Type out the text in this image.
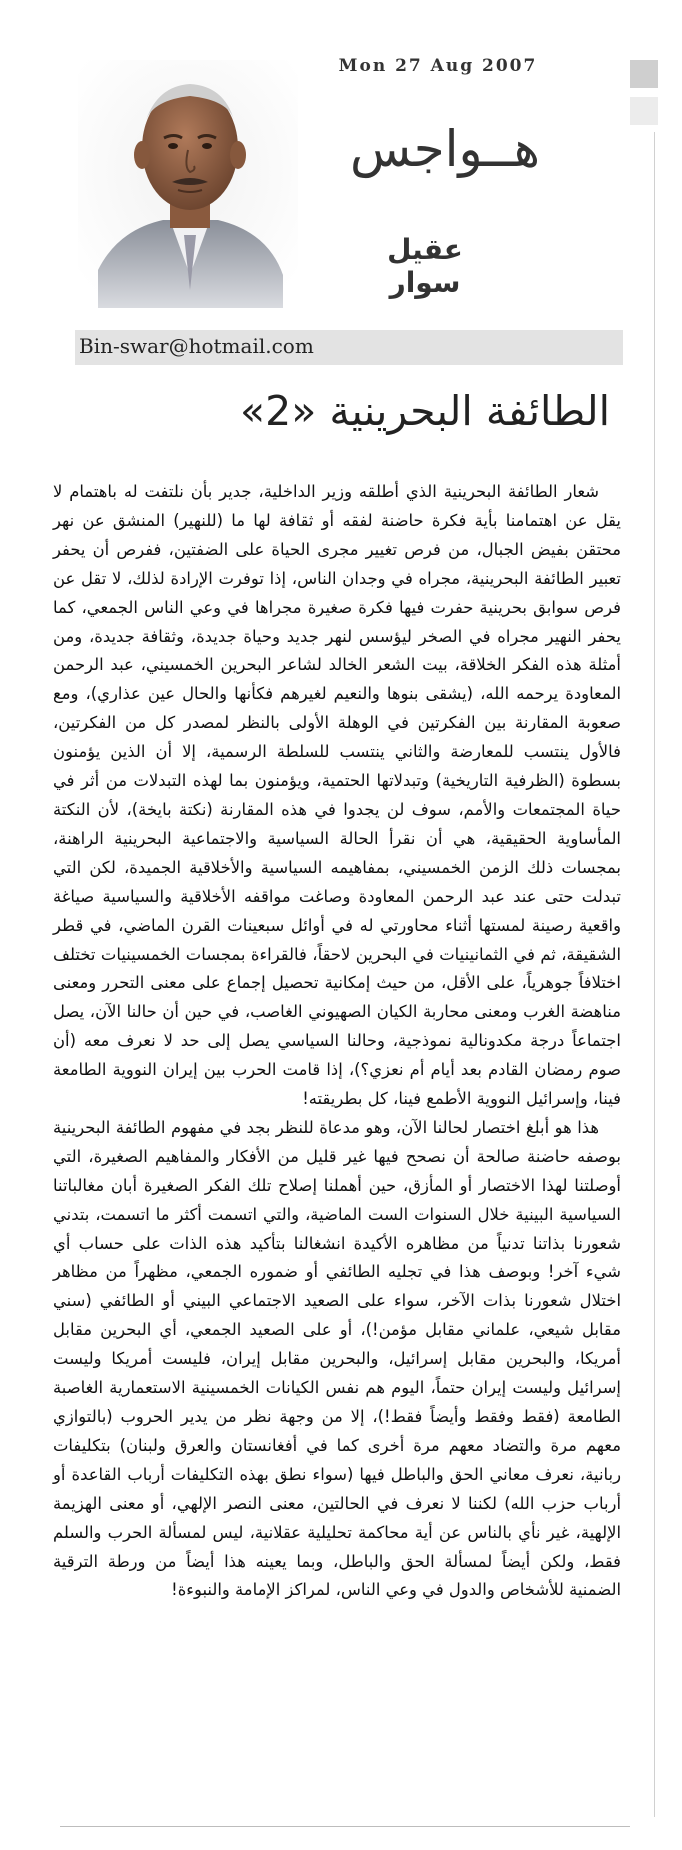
Mon 27 Aug 2007
هــواجس
عقيل سوار
Bin-swar@hotmail.com
الطائفة البحرينية «2»

شعار الطائفة البحرينية الذي أطلقه وزير الداخلية، جدير بأن نلتفت له باهتمام لا يقل عن اهتمامنا بأية فكرة حاضنة لفقه أو ثقافة لها ما (للنهير) المنشق عن نهر محتقن بفيض الجبال، من فرص تغيير مجرى الحياة على الضفتين، ففرص أن يحفر تعبير الطائفة البحرينية، مجراه في وجدان الناس، إذا توفرت الإرادة لذلك، لا تقل عن فرص سوابق بحرينية حفرت فيها فكرة صغيرة مجراها في وعي الناس الجمعي، كما يحفر النهير مجراه في الصخر ليؤسس لنهر جديد وحياة جديدة، وثقافة جديدة، ومن أمثلة هذه الفكر الخلاقة، بيت الشعر الخالد لشاعر البحرين الخمسيني، عبد الرحمن المعاودة يرحمه الله، (يشقى بنوها والنعيم لغيرهم فكأنها والحال عين عذاري)، ومع صعوبة المقارنة بين الفكرتين في الوهلة الأولى بالنظر لمصدر كل من الفكرتين، فالأول ينتسب للمعارضة والثاني ينتسب للسلطة الرسمية، إلا أن الذين يؤمنون بسطوة (الظرفية التاريخية) وتبدلاتها الحتمية، ويؤمنون بما لهذه التبدلات من أثر في حياة المجتمعات والأمم، سوف لن يجدوا في هذه المقارنة (نكتة بايخة)، لأن النكتة المأساوية الحقيقية، هي أن نقرأ الحالة السياسية والاجتماعية البحرينية الراهنة، بمجسات ذلك الزمن الخمسيني، بمفاهيمه السياسية والأخلاقية الجميدة، لكن التي تبدلت حتى عند عبد الرحمن المعاودة وصاغت مواقفه الأخلاقية والسياسية صياغة واقعية رصينة لمستها أثناء محاورتي له في أوائل سبعينات القرن الماضي، في قطر الشقيقة، ثم في الثمانينيات في البحرين لاحقاً، فالقراءة بمجسات الخمسينيات تختلف اختلافاً جوهرياً، على الأقل، من حيث إمكانية تحصيل إجماع على معنى التحرر ومعنى مناهضة الغرب ومعنى محاربة الكيان الصهيوني الغاصب، في حين أن حالنا الآن، يصل اجتماعاً درجة مكدونالية نموذجية، وحالنا السياسي يصل إلى حد لا نعرف معه (أن صوم رمضان القادم بعد أيام أم نعزي؟)، إذا قامت الحرب بين إيران النووية الطامعة فينا، وإسرائيل النووية الأطمع فينا، كل بطريقته!

هذا هو أبلغ اختصار لحالنا الآن، وهو مدعاة للنظر بجد في مفهوم الطائفة البحرينية بوصفه حاضنة صالحة أن نصحح فيها غير قليل من الأفكار والمفاهيم الصغيرة، التي أوصلتنا لهذا الاختصار أو المأزق، حين أهملنا إصلاح تلك الفكر الصغيرة أبان مغالباتنا السياسية البينية خلال السنوات الست الماضية، والتي اتسمت أكثر ما اتسمت، بتدني شعورنا بذاتنا تدنياً من مظاهره الأكيدة انشغالنا بتأكيد هذه الذات على حساب أي شيء آخر! وبوصف هذا في تجليه الطائفي أو ضموره الجمعي، مظهراً من مظاهر اختلال شعورنا بذات الآخر، سواء على الصعيد الاجتماعي البيني أو الطائفي (سني مقابل شيعي، علماني مقابل مؤمن!)، أو على الصعيد الجمعي، أي البحرين مقابل أمريكا، والبحرين مقابل إسرائيل، والبحرين مقابل إيران، فليست أمريكا وليست إسرائيل وليست إيران حتماً، اليوم هم نفس الكيانات الخمسينية الاستعمارية الغاصبة الطامعة (فقط وفقط وأيضاً فقط!)، إلا من وجهة نظر من يدير الحروب (بالتوازي معهم مرة والتضاد معهم مرة أخرى كما في أفغانستان والعرق ولبنان) بتكليفات ربانية، نعرف معاني الحق والباطل فيها (سواء نطق بهذه التكليفات أرباب القاعدة أو أرباب حزب الله) لكننا لا نعرف في الحالتين، معنى النصر الإلهي، أو معنى الهزيمة الإلهية، غير نأي بالناس عن أية محاكمة تحليلية عقلانية، ليس لمسألة الحرب والسلم فقط، ولكن أيضاً لمسألة الحق والباطل، وبما يعينه هذا أيضاً من ورطة الترقية الضمنية للأشخاص والدول في وعي الناس، لمراكز الإمامة والنبوءة!
